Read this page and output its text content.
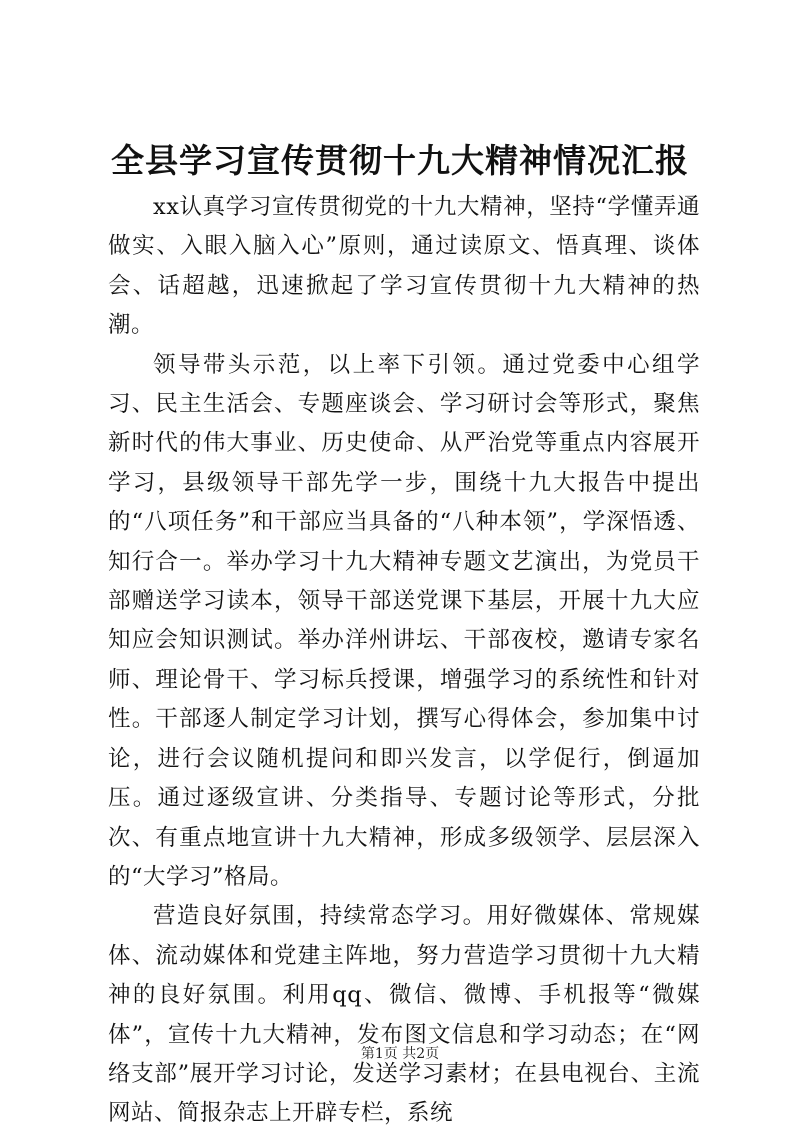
全县学习宣传贯彻十九大精神情况汇报

xx认真学习宣传贯彻党的十九大精神，坚持“学懂弄通做实、入眼入脑入心”原则，通过读原文、悟真理、谈体会、话超越，迅速掀起了学习宣传贯彻十九大精神的热潮。

领导带头示范，以上率下引领。通过党委中心组学习、民主生活会、专题座谈会、学习研讨会等形式，聚焦新时代的伟大事业、历史使命、从严治党等重点内容展开学习，县级领导干部先学一步，围绕十九大报告中提出的“八项任务”和干部应当具备的“八种本领”，学深悟透、知行合一。举办学习十九大精神专题文艺演出，为党员干部赠送学习读本，领导干部送党课下基层，开展十九大应知应会知识测试。举办洋州讲坛、干部夜校，邀请专家名师、理论骨干、学习标兵授课，增强学习的系统性和针对性。干部逐人制定学习计划，撰写心得体会，参加集中讨论，进行会议随机提问和即兴发言，以学促行，倒逼加压。通过逐级宣讲、分类指导、专题讨论等形式，分批次、有重点地宣讲十九大精神，形成多级领学、层层深入的“大学习”格局。

营造良好氛围，持续常态学习。用好微媒体、常规媒体、流动媒体和党建主阵地，努力营造学习贯彻十九大精神的良好氛围。利用qq、微信、微博、手机报等“微媒体”，宣传十九大精神，发布图文信息和学习动态；在“网络支部”展开学习讨论，发送学习素材；在县电视台、主流网站、简报杂志上开辟专栏，系统

第1页 共2页
